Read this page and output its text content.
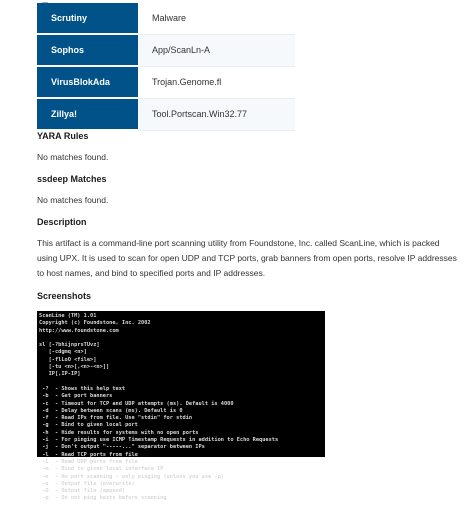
Scrutiny	Malware
Sophos	App/ScanLn-A
VirusBlokAda	Trojan.Genome.fl
Zillya!	Tool.Portscan.Win32.77
YARA Rules
No matches found.
ssdeep Matches
No matches found.
Description
This artifact is a command-line port scanning utility from Foundstone, Inc. called ScanLine, which is packed using UPX. It is used to scan for open UDP and TCP ports, grab banners from open ports, resolve IP addresses to host names, and bind to specified ports and IP addresses.
Screenshots
ScanLine (TM) 1.01
Copyright (c) Foundstone, Inc. 2002
http://www.foundstone.com

sl [-?bhijnprsTUvz]
[-cdgmq <n>]
[-flLoO <file>]
[-tu <n>[,<n>-<n>]]
IP[,IP-IP]

-?  - Shows this help text
-b  - Get port banners
-c  - Timeout for TCP and UDP attempts (ms). Default is 4000
-d  - Delay between scans (ms). Default is 0
-f  - Read IPs from file. Use "stdin" for stdin
-g  - Bind to given local port
-h  - Hide results for systems with no open ports
-i  - For pinging use ICMP Timestamp Requests in addition to Echo Requests
-j  - Don't output "-----..." separator between IPs
-l  - Read TCP ports from file
-L  - Read UDP ports from file
-m  - Bind to given local interface IP
-n  - No port scanning - only pinging (unless you use -p)
-o  - Output file (overwrite)
-O  - Output file (append)
-p  - Do not ping hosts before scanning
